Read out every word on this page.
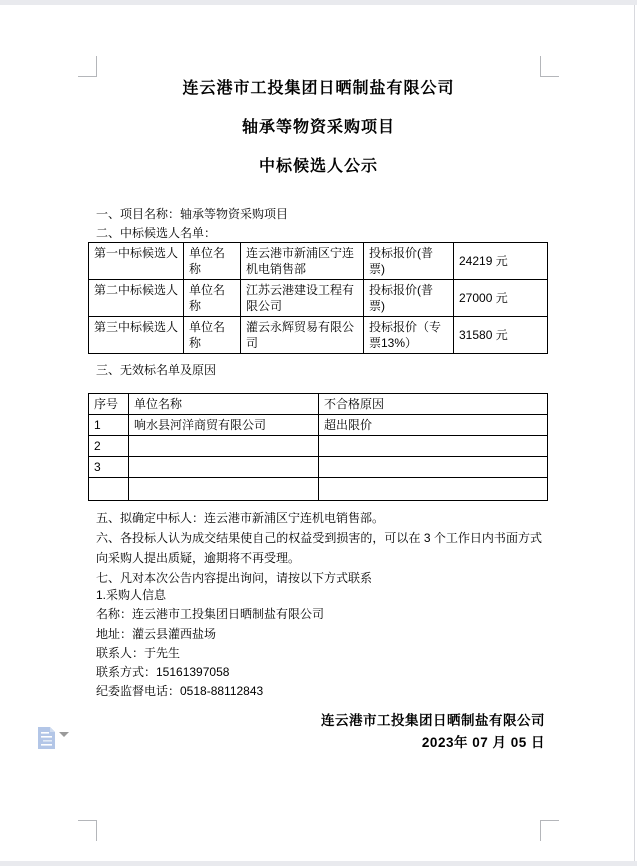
连云港市工投集团日晒制盐有限公司
轴承等物资采购项目
中标候选人公示
一、项目名称：轴承等物资采购项目
二、中标候选人名单：
第一中标候选人	单位名称	连云港市新浦区宁连机电销售部	投标报价(普票)	24219 元
第二中标候选人	单位名称	江苏云港建设工程有限公司	投标报价(普票)	27000 元
第三中标候选人	单位名称	灌云永辉贸易有限公司	投标报价（专票13%）	31580 元
三、无效标名单及原因
序号	单位名称	不合格原因
1	响水县河洋商贸有限公司	超出限价
2		
3		

五、拟确定中标人：连云港市新浦区宁连机电销售部。
六、各投标人认为成交结果使自己的权益受到损害的，可以在 3 个工作日内书面方式向采购人提出质疑，逾期将不再受理。
七、凡对本次公告内容提出询问，请按以下方式联系
1.采购人信息
名称：连云港市工投集团日晒制盐有限公司
地址：灌云县灌西盐场
联系人：于先生
联系方式：15161397058
纪委监督电话：0518-88112843
连云港市工投集团日晒制盐有限公司
2023年 07 月 05 日
